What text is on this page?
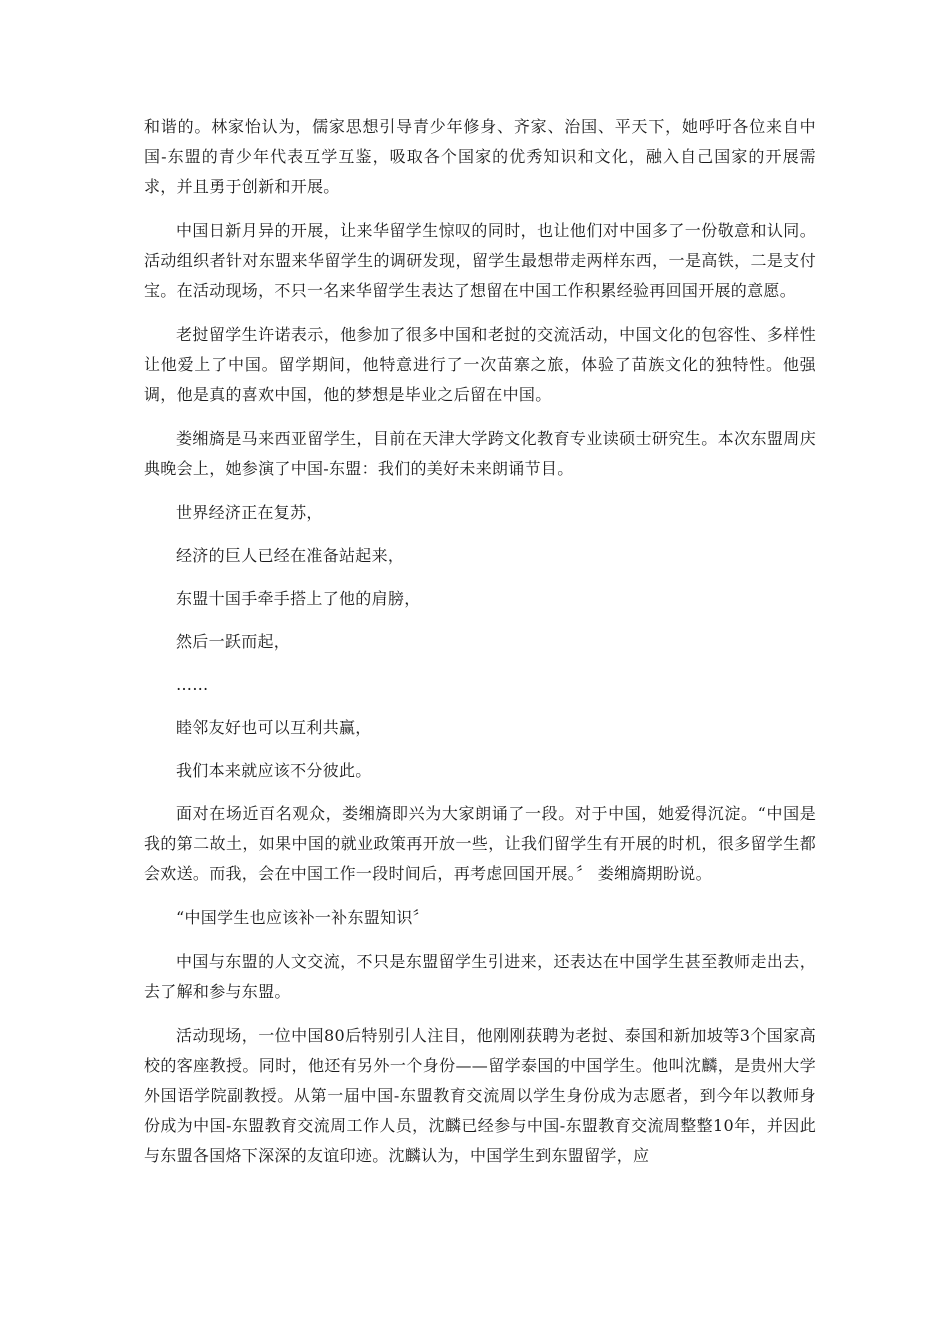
和谐的。林家怡认为，儒家思想引导青少年修身、齐家、治国、平天下，她呼吁各位来自中国-东盟的青少年代表互学互鉴，吸取各个国家的优秀知识和文化，融入自己国家的开展需求，并且勇于创新和开展。

中国日新月异的开展，让来华留学生惊叹的同时，也让他们对中国多了一份敬意和认同。活动组织者针对东盟来华留学生的调研发现，留学生最想带走两样东西，一是高铁，二是支付宝。在活动现场，不只一名来华留学生表达了想留在中国工作积累经验再回国开展的意愿。

老挝留学生许诺表示，他参加了很多中国和老挝的交流活动，中国文化的包容性、多样性让他爱上了中国。留学期间，他特意进行了一次苗寨之旅，体验了苗族文化的独特性。他强调，他是真的喜欢中国，他的梦想是毕业之后留在中国。

娄缃旖是马来西亚留学生，目前在天津大学跨文化教育专业读硕士研究生。本次东盟周庆典晚会上，她参演了中国-东盟：我们的美好未来朗诵节目。

世界经济正在复苏，

经济的巨人已经在准备站起来，

东盟十国手牵手搭上了他的肩膀，

然后一跃而起，

……

睦邻友好也可以互利共赢，

我们本来就应该不分彼此。

面对在场近百名观众，娄缃旖即兴为大家朗诵了一段。对于中国，她爱得沉淀。“中国是我的第二故土，如果中国的就业政策再开放一些，让我们留学生有开展的时机，很多留学生都会欢送。而我，会在中国工作一段时间后，再考虑回国开展。〞 娄缃旖期盼说。

“中国学生也应该补一补东盟知识〞

中国与东盟的人文交流，不只是东盟留学生引进来，还表达在中国学生甚至教师走出去，去了解和参与东盟。

活动现场，一位中国80后特别引人注目，他刚刚获聘为老挝、泰国和新加坡等3个国家高校的客座教授。同时，他还有另外一个身份——留学泰国的中国学生。他叫沈麟，是贵州大学外国语学院副教授。从第一届中国-东盟教育交流周以学生身份成为志愿者，到今年以教师身份成为中国-东盟教育交流周工作人员，沈麟已经参与中国-东盟教育交流周整整10年，并因此与东盟各国烙下深深的友谊印迹。沈麟认为，中国学生到东盟留学，应
